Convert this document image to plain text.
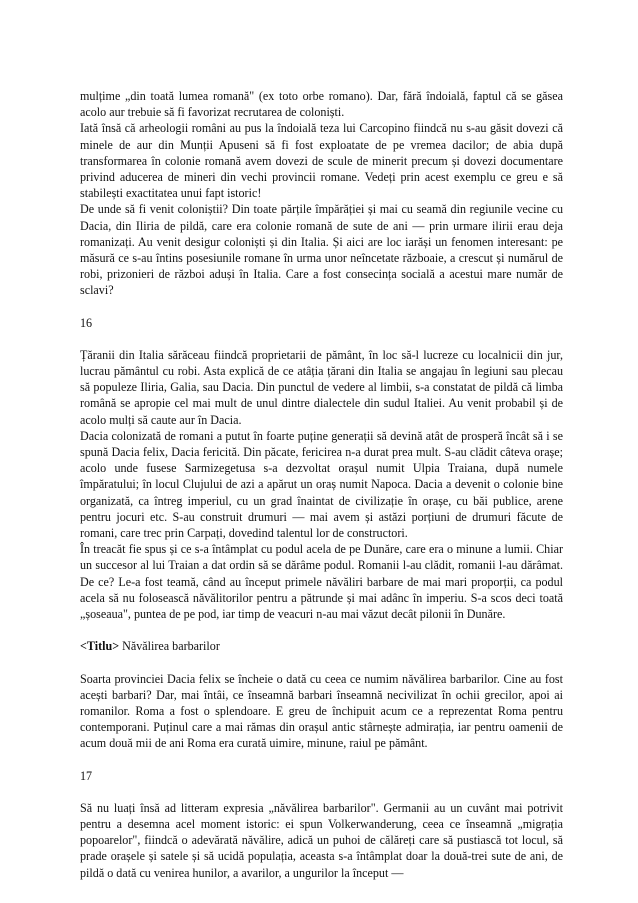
mulțime „din toată lumea romană" (ex toto orbe romano). Dar, fără îndoială, faptul că se găsea acolo aur trebuie să fi favorizat recrutarea de coloniști.

Iată însă că arheologii români au pus la îndoială teza lui Carcopino fiindcă nu s-au găsit dovezi că minele de aur din Munții Apuseni să fi fost exploatate de pe vremea dacilor; de abia după transformarea în colonie romană avem dovezi de scule de minerit precum și dovezi documentare privind aducerea de mineri din vechi provincii romane. Vedeți prin acest exemplu ce greu e să stabilești exactitatea unui fapt istoric!

De unde să fi venit coloniștii? Din toate părțile împărăției și mai cu seamă din regiunile vecine cu Dacia, din Iliria de pildă, care era colonie romană de sute de ani — prin urmare ilirii erau deja romanizați. Au venit desigur coloniști și din Italia. Și aici are loc iarăși un fenomen interesant: pe măsură ce s-au întins posesiunile romane în urma unor neîncetate războaie, a crescut și numărul de robi, prizonieri de război aduși în Italia. Care a fost consecința socială a acestui mare număr de sclavi?

16

Țăranii din Italia sărăceau fiindcă proprietarii de pământ, în loc să-l lucreze cu localnicii din jur, lucrau pământul cu robi. Asta explică de ce atâția țărani din Italia se angajau în legiuni sau plecau să populeze Iliria, Galia, sau Dacia. Din punctul de vedere al limbii, s-a constatat de pildă că limba română se apropie cel mai mult de unul dintre dialectele din sudul Italiei. Au venit probabil și de acolo mulți să caute aur în Dacia.

Dacia colonizată de romani a putut în foarte puține generații să devină atât de prosperă încât să i se spună Dacia felix, Dacia fericită. Din păcate, fericirea n-a durat prea mult. S-au clădit câteva orașe; acolo unde fusese Sarmizegetusa s-a dezvoltat orașul numit Ulpia Traiana, după numele împăratului; în locul Clujului de azi a apărut un oraș numit Napoca. Dacia a devenit o colonie bine organizată, ca întreg imperiul, cu un grad înaintat de civilizație în orașe, cu băi publice, arene pentru jocuri etc. S-au construit drumuri — mai avem și astăzi porțiuni de drumuri făcute de romani, care trec prin Carpați, dovedind talentul lor de constructori.

În treacăt fie spus și ce s-a întâmplat cu podul acela de pe Dunăre, care era o minune a lumii. Chiar un succesor al lui Traian a dat ordin să se dărâme podul. Romanii l-au clădit, romanii l-au dărâmat. De ce? Le-a fost teamă, când au început primele năvăliri barbare de mai mari proporții, ca podul acela să nu folosească năvălitorilor pentru a pătrunde și mai adânc în imperiu. S-a scos deci toată „șoseaua", puntea de pe pod, iar timp de veacuri n-au mai văzut decât pilonii în Dunăre.

<Titlu> Năvălirea barbarilor

Soarta provinciei Dacia felix se încheie o dată cu ceea ce numim năvălirea barbarilor. Cine au fost acești barbari? Dar, mai întâi, ce înseamnă barbari înseamnă necivilizat în ochii grecilor, apoi ai romanilor. Roma a fost o splendoare. E greu de închipuit acum ce a reprezentat Roma pentru contemporani. Puținul care a mai rămas din orașul antic stârnește admirația, iar pentru oamenii de acum două mii de ani Roma era curată uimire, minune, raiul pe pământ.

17

Să nu luați însă ad litteram expresia „năvălirea barbarilor". Germanii au un cuvânt mai potrivit pentru a desemna acel moment istoric: ei spun Volkerwanderung, ceea ce înseamnă „migrația popoarelor", fiindcă o adevărată năvălire, adică un puhoi de călăreți care să pustiască tot locul, să prade orașele și satele și să ucidă populația, aceasta s-a întâmplat doar la două-trei sute de ani, de pildă o dată cu venirea hunilor, a avarilor, a ungurilor la început —
